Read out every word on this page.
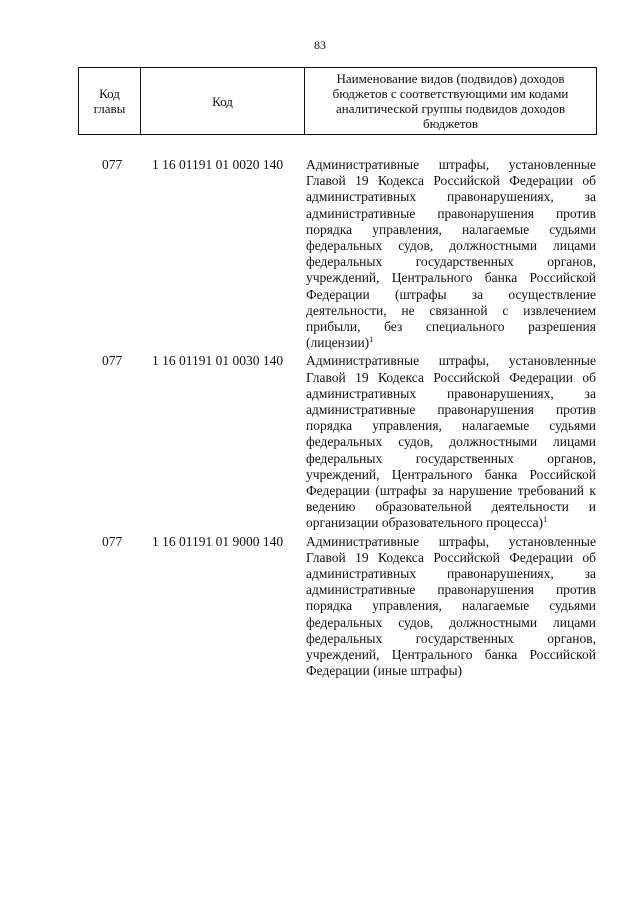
83
Код главы	Код	Наименование видов (подвидов) доходов бюджетов с соответствующими им кодами аналитической группы подвидов доходов бюджетов
077	1 16 01191 01 0020 140	Административные штрафы, установленные Главой 19 Кодекса Российской Федерации об административных правонарушениях, за административные правонарушения против порядка управления, налагаемые судьями федеральных судов, должностными лицами федеральных государственных органов, учреждений, Центрального банка Российской Федерации (штрафы за осуществление деятельности, не связанной с извлечением прибыли, без специального разрешения (лицензии)$^1$
077	1 16 01191 01 0030 140	Административные штрафы, установленные Главой 19 Кодекса Российской Федерации об административных правонарушениях, за административные правонарушения против порядка управления, налагаемые судьями федеральных судов, должностными лицами федеральных государственных органов, учреждений, Центрального банка Российской Федерации (штрафы за нарушение требований к ведению образовательной деятельности и организации образовательного процесса)$^1$
077	1 16 01191 01 9000 140	Административные штрафы, установленные Главой 19 Кодекса Российской Федерации об административных правонарушениях, за административные правонарушения против порядка управления, налагаемые судьями федеральных судов, должностными лицами федеральных государственных органов, учреждений, Центрального банка Российской Федерации (иные штрафы)
